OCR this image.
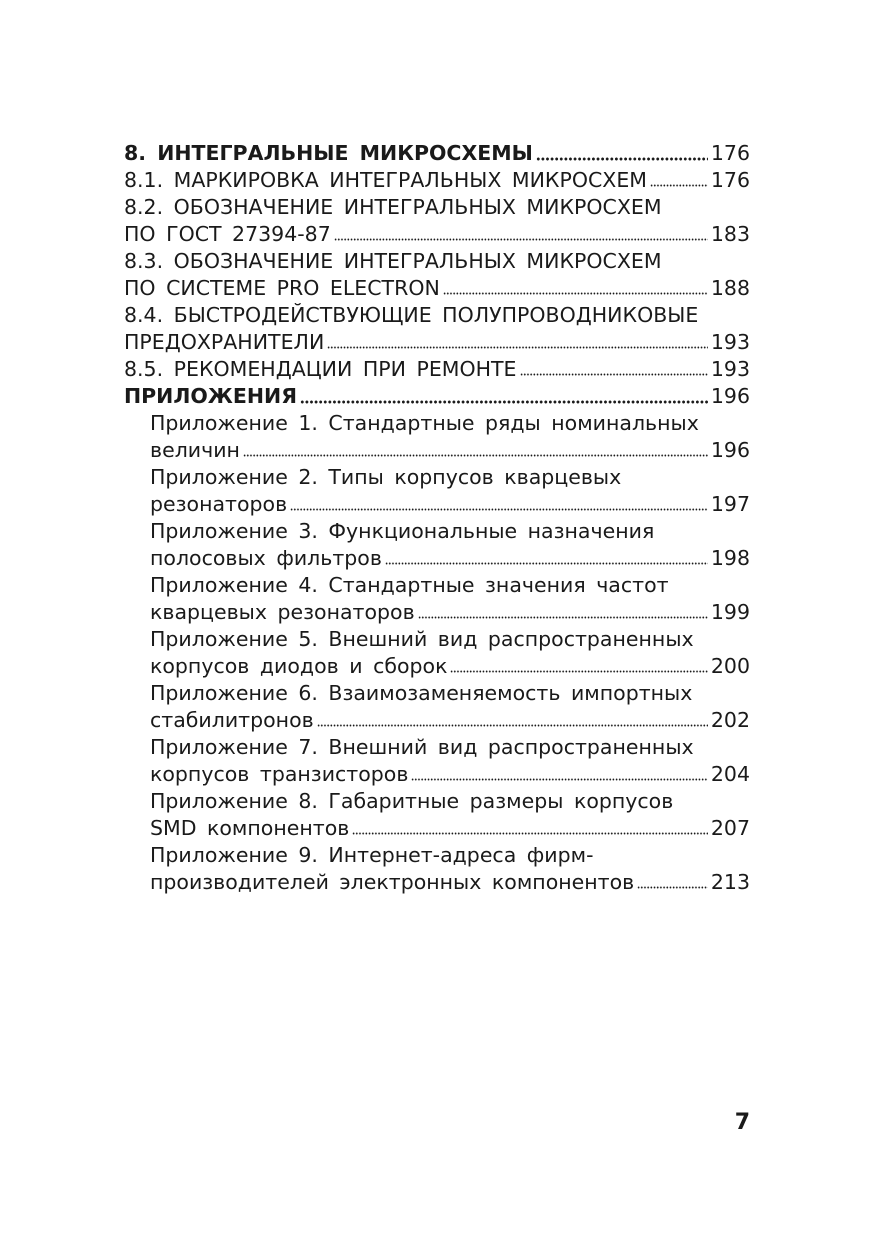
8. ИНТЕГРАЛЬНЫЕ МИКРОСХЕМЫ	176
8.1. МАРКИРОВКА ИНТЕГРАЛЬНЫХ МИКРОСХЕМ	176
8.2. ОБОЗНАЧЕНИЕ ИНТЕГРАЛЬНЫХ МИКРОСХЕМ
ПО ГОСТ 27394-87	183
8.3. ОБОЗНАЧЕНИЕ ИНТЕГРАЛЬНЫХ МИКРОСХЕМ
ПО СИСТЕМЕ PRO ELECTRON	188
8.4. БЫСТРОДЕЙСТВУЮЩИЕ ПОЛУПРОВОДНИКОВЫЕ
ПРЕДОХРАНИТЕЛИ	193
8.5. РЕКОМЕНДАЦИИ ПРИ РЕМОНТЕ	193
ПРИЛОЖЕНИЯ	196
Приложение 1. Стандартные ряды номинальных
величин	196
Приложение 2. Типы корпусов кварцевых
резонаторов	197
Приложение 3. Функциональные назначения
полосовых фильтров	198
Приложение 4. Стандартные значения частот
кварцевых резонаторов	199
Приложение 5. Внешний вид распространенных
корпусов диодов и сборок	200
Приложение 6. Взаимозаменяемость импортных
стабилитронов	202
Приложение 7. Внешний вид распространенных
корпусов транзисторов	204
Приложение 8. Габаритные размеры корпусов
SMD компонентов	207
Приложение 9. Интернет-адреса фирм-
производителей электронных компонентов	213
7
